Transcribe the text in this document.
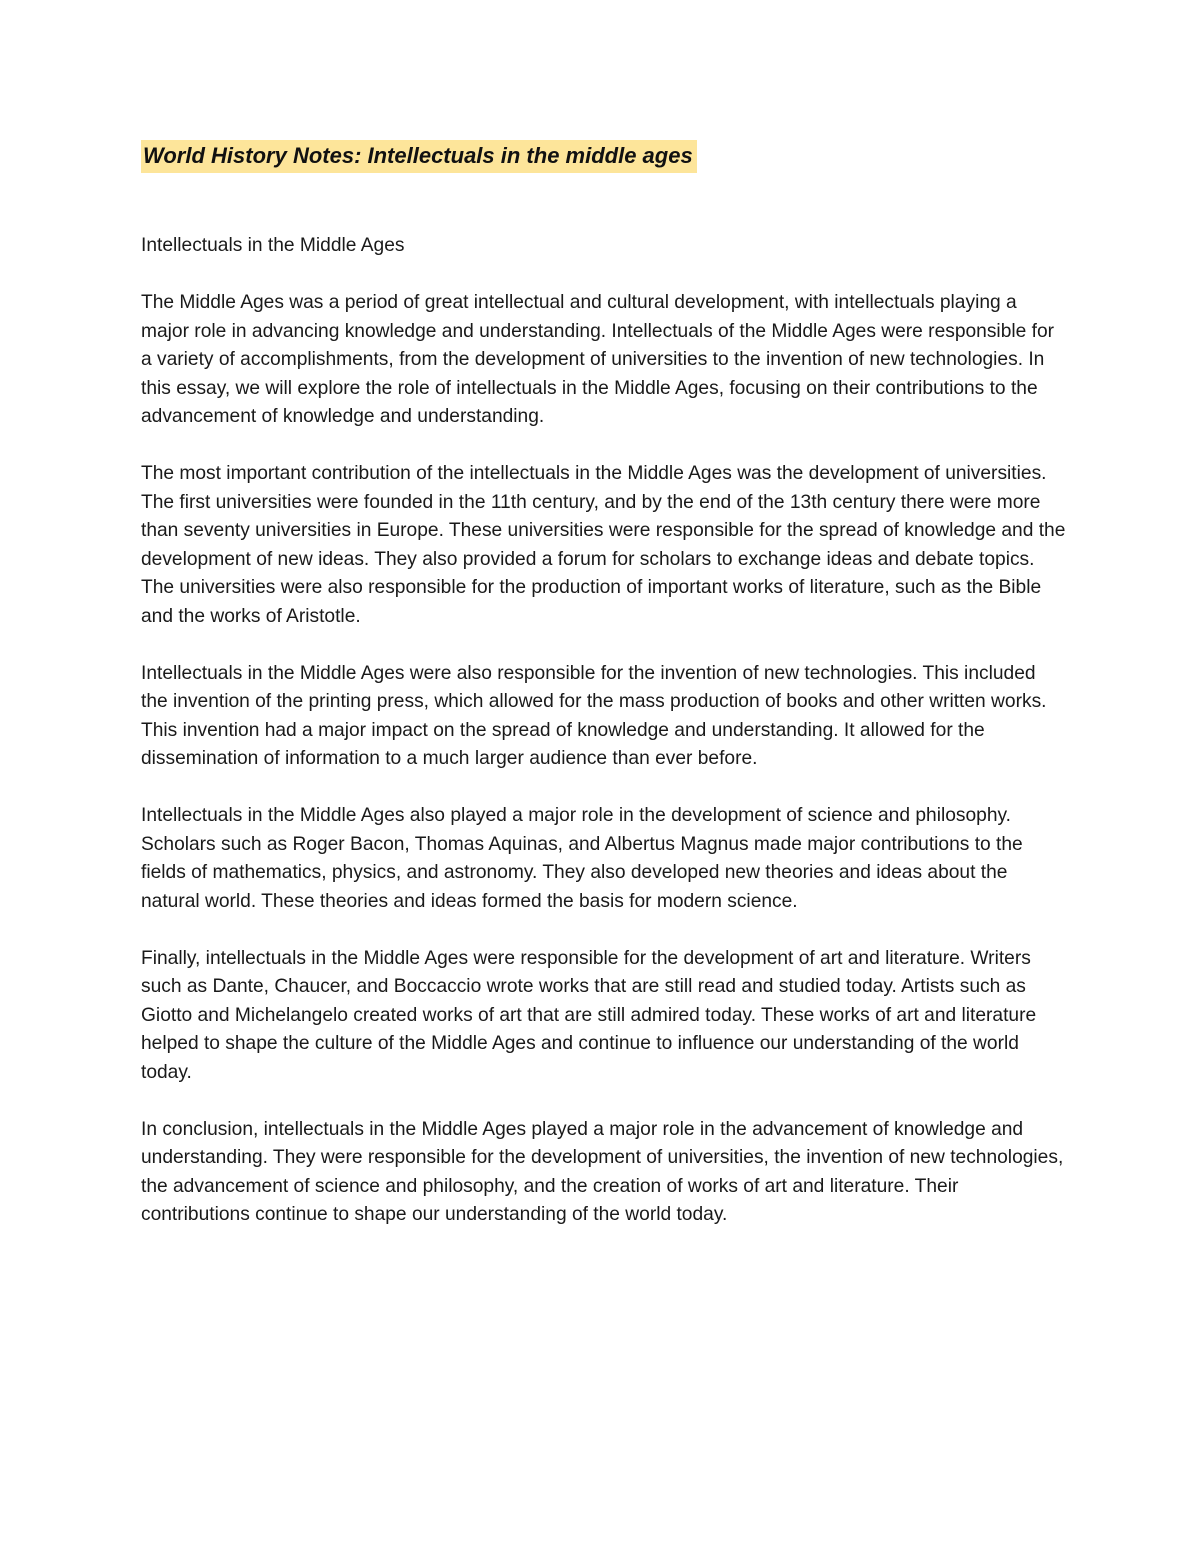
World History Notes: Intellectuals in the middle ages

Intellectuals in the Middle Ages

The Middle Ages was a period of great intellectual and cultural development, with intellectuals playing a major role in advancing knowledge and understanding. Intellectuals of the Middle Ages were responsible for a variety of accomplishments, from the development of universities to the invention of new technologies. In this essay, we will explore the role of intellectuals in the Middle Ages, focusing on their contributions to the advancement of knowledge and understanding.

The most important contribution of the intellectuals in the Middle Ages was the development of universities. The first universities were founded in the 11th century, and by the end of the 13th century there were more than seventy universities in Europe. These universities were responsible for the spread of knowledge and the development of new ideas. They also provided a forum for scholars to exchange ideas and debate topics. The universities were also responsible for the production of important works of literature, such as the Bible and the works of Aristotle.

Intellectuals in the Middle Ages were also responsible for the invention of new technologies. This included the invention of the printing press, which allowed for the mass production of books and other written works. This invention had a major impact on the spread of knowledge and understanding. It allowed for the dissemination of information to a much larger audience than ever before.

Intellectuals in the Middle Ages also played a major role in the development of science and philosophy. Scholars such as Roger Bacon, Thomas Aquinas, and Albertus Magnus made major contributions to the fields of mathematics, physics, and astronomy. They also developed new theories and ideas about the natural world. These theories and ideas formed the basis for modern science.

Finally, intellectuals in the Middle Ages were responsible for the development of art and literature. Writers such as Dante, Chaucer, and Boccaccio wrote works that are still read and studied today. Artists such as Giotto and Michelangelo created works of art that are still admired today. These works of art and literature helped to shape the culture of the Middle Ages and continue to influence our understanding of the world today.

In conclusion, intellectuals in the Middle Ages played a major role in the advancement of knowledge and understanding. They were responsible for the development of universities, the invention of new technologies, the advancement of science and philosophy, and the creation of works of art and literature. Their contributions continue to shape our understanding of the world today.
